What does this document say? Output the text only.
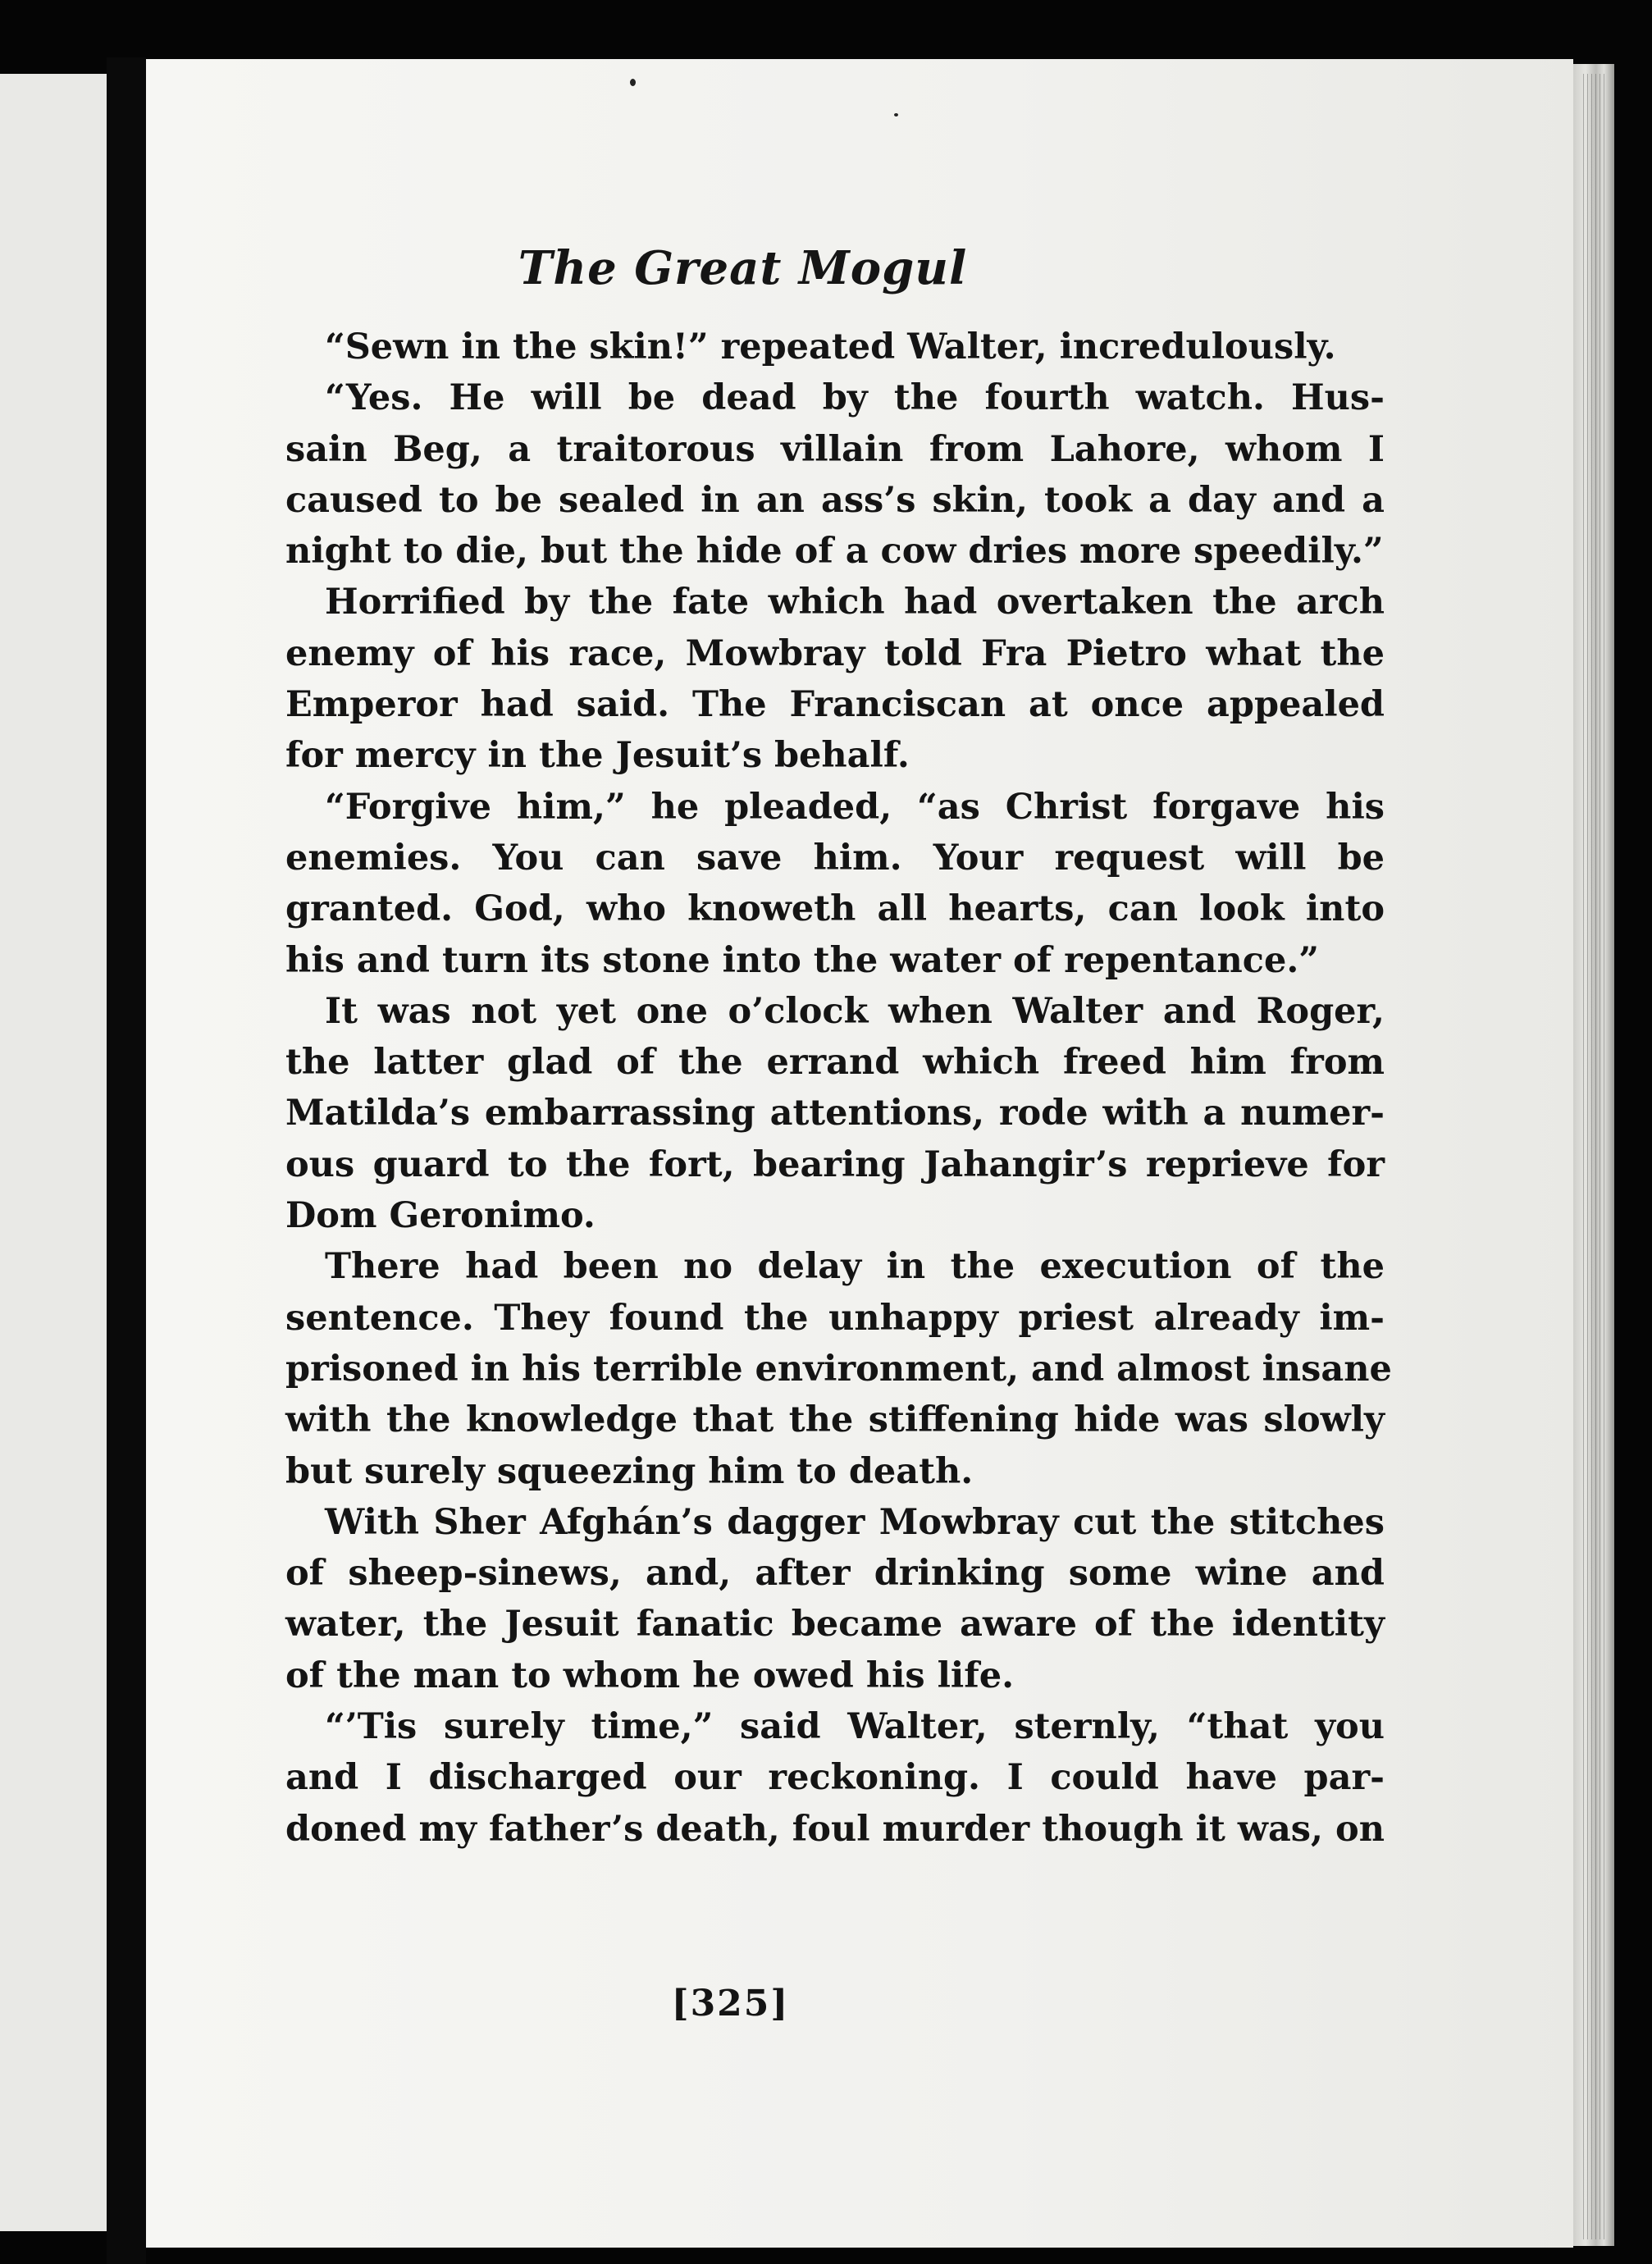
The Great Mogul
“Sewn in the skin!” repeated Walter, incredulously.
“Yes. He will be dead by the fourth watch. Hus-
sain Beg, a traitorous villain from Lahore, whom I
caused to be sealed in an ass’s skin, took a day and a
night to die, but the hide of a cow dries more speedily.”
Horrified by the fate which had overtaken the arch
enemy of his race, Mowbray told Fra Pietro what the
Emperor had said. The Franciscan at once appealed
for mercy in the Jesuit’s behalf.
“Forgive him,” he pleaded, “as Christ forgave his
enemies. You can save him. Your request will be
granted. God, who knoweth all hearts, can look into
his and turn its stone into the water of repentance.”
It was not yet one o’clock when Walter and Roger,
the latter glad of the errand which freed him from
Matilda’s embarrassing attentions, rode with a numer-
ous guard to the fort, bearing Jahangir’s reprieve for
Dom Geronimo.
There had been no delay in the execution of the
sentence. They found the unhappy priest already im-
prisoned in his terrible environment, and almost insane
with the knowledge that the stiffening hide was slowly
but surely squeezing him to death.
With Sher Afghán’s dagger Mowbray cut the stitches
of sheep-sinews, and, after drinking some wine and
water, the Jesuit fanatic became aware of the identity
of the man to whom he owed his life.
“’Tis surely time,” said Walter, sternly, “that you
and I discharged our reckoning. I could have par-
doned my father’s death, foul murder though it was, on
[325]
